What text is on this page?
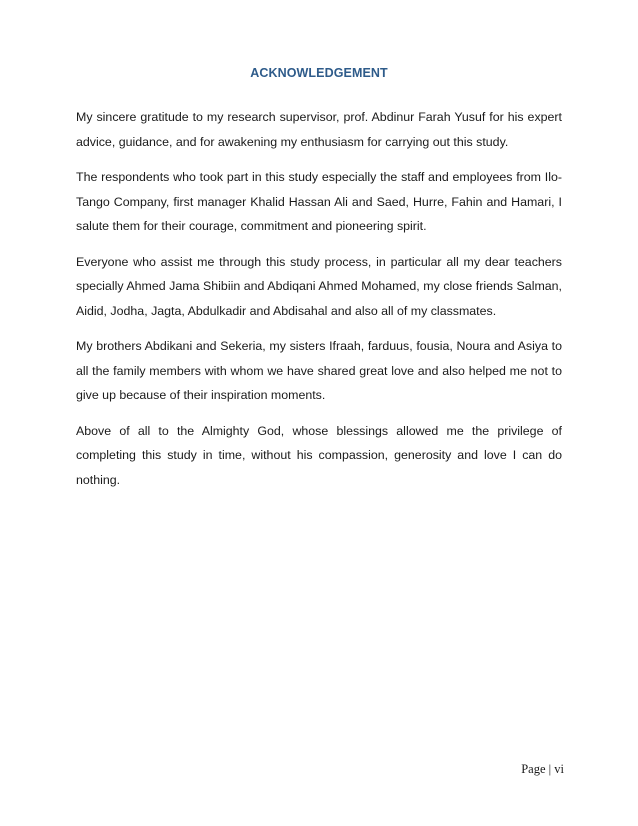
ACKNOWLEDGEMENT

My sincere gratitude to my research supervisor, prof. Abdinur Farah Yusuf for his expert advice, guidance, and for awakening my enthusiasm for carrying out this study.

The respondents who took part in this study especially the staff and employees from Ilo-Tango Company, first manager Khalid Hassan Ali and Saed, Hurre, Fahin and Hamari, I salute them for their courage, commitment and pioneering spirit.

Everyone who assist me through this study process, in particular all my dear teachers specially Ahmed Jama Shibiin and Abdiqani Ahmed Mohamed, my close friends Salman, Aidid, Jodha, Jagta, Abdulkadir and Abdisahal and also all of my classmates.

My brothers Abdikani and Sekeria, my sisters Ifraah, farduus, fousia, Noura and Asiya to all the family members with whom we have shared great love and also helped me not to give up because of their inspiration moments.

Above of all to the Almighty God, whose blessings allowed me the privilege of completing this study in time, without his compassion, generosity and love I can do nothing.

Page | vi
